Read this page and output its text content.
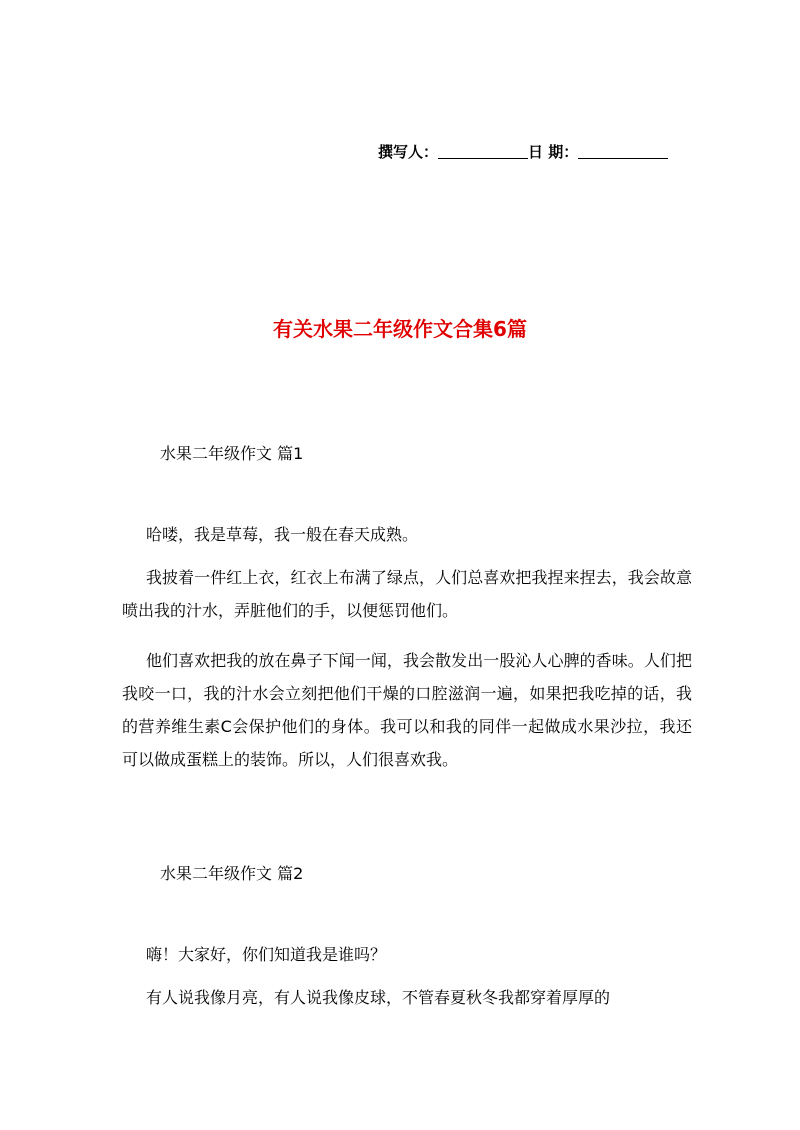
撰写人：	日 期：
有关水果二年级作文合集6篇
水果二年级作文 篇1
哈喽，我是草莓，我一般在春天成熟。
我披着一件红上衣，红衣上布满了绿点，人们总喜欢把我捏来捏去，我会故意喷出我的汁水，弄脏他们的手，以便惩罚他们。
他们喜欢把我的放在鼻子下闻一闻，我会散发出一股沁人心脾的香味。人们把我咬一口，我的汁水会立刻把他们干燥的口腔滋润一遍，如果把我吃掉的话，我的营养维生素C会保护他们的身体。我可以和我的同伴一起做成水果沙拉，我还可以做成蛋糕上的装饰。所以，人们很喜欢我。
水果二年级作文 篇2
嗨！大家好，你们知道我是谁吗？
有人说我像月亮，有人说我像皮球，不管春夏秋冬我都穿着厚厚的
